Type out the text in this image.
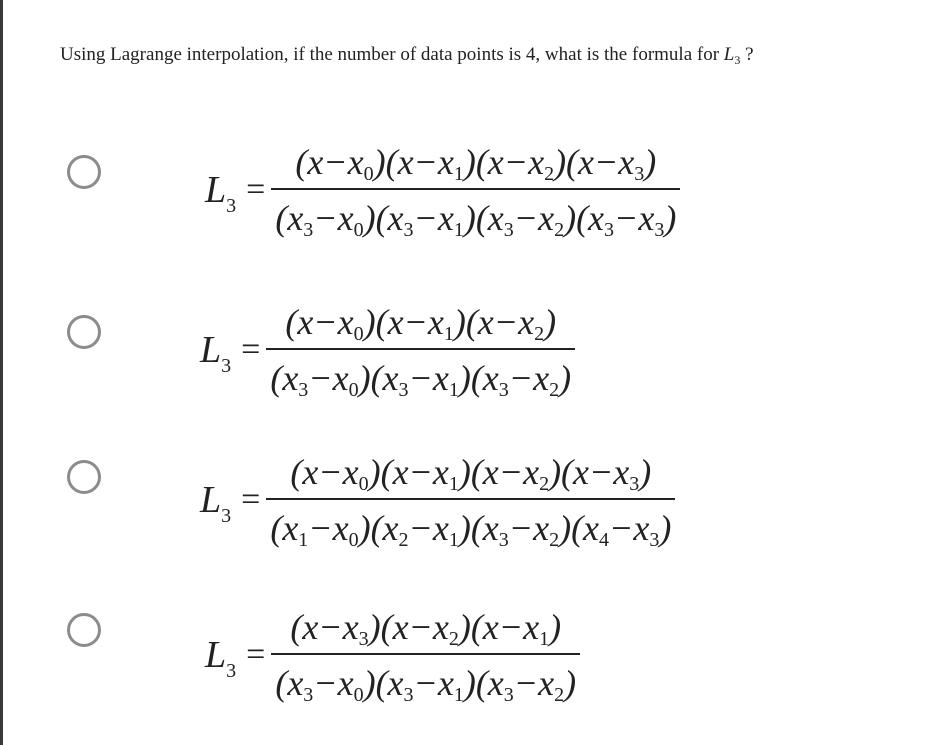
Using Lagrange interpolation, if the number of data points is 4, what is the formula for $L_3$ ?
$L_3 = \frac{(x-x_0)(x-x_1)(x-x_2)(x-x_3)}{(x_3-x_0)(x_3-x_1)(x_3-x_2)(x_3-x_3)}$
$L_3 = \frac{(x-x_0)(x-x_1)(x-x_2)}{(x_3-x_0)(x_3-x_1)(x_3-x_2)}$
$L_3 = \frac{(x-x_0)(x-x_1)(x-x_2)(x-x_3)}{(x_1-x_0)(x_2-x_1)(x_3-x_2)(x_4-x_3)}$
$L_3 = \frac{(x-x_3)(x-x_2)(x-x_1)}{(x_3-x_0)(x_3-x_1)(x_3-x_2)}$
